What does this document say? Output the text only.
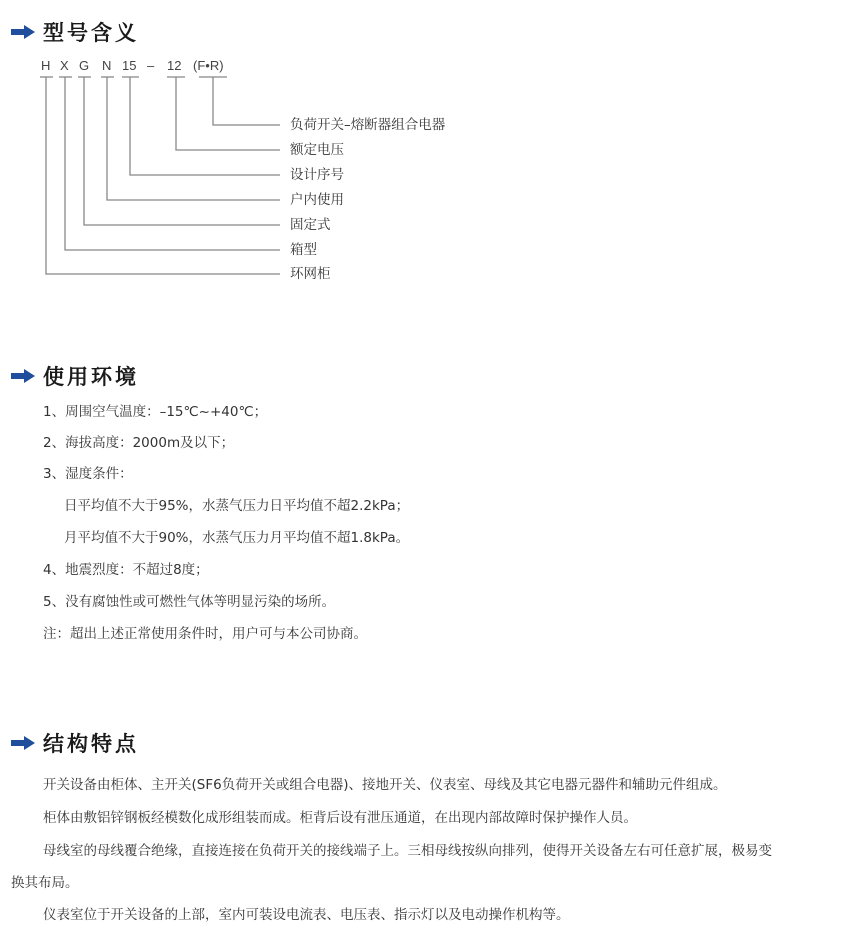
型号含义
H X G N 15 – 12 (F•R)
负荷开关–熔断器组合电器
额定电压
设计序号
户内使用
固定式
箱型
环网柜
使用环境
1、周围空气温度：–15℃~+40℃；
2、海拔高度：2000m及以下；
3、湿度条件：
日平均值不大于95%，水蒸气压力日平均值不超2.2kPa；
月平均值不大于90%，水蒸气压力月平均值不超1.8kPa。
4、地震烈度：不超过8度；
5、没有腐蚀性或可燃性气体等明显污染的场所。
注：超出上述正常使用条件时，用户可与本公司协商。
结构特点
开关设备由柜体、主开关(SF6负荷开关或组合电器)、接地开关、仪表室、母线及其它电器元器件和辅助元件组成。
柜体由敷铝锌钢板经模数化成形组装而成。柜背后设有泄压通道，在出现内部故障时保护操作人员。
母线室的母线覆合绝缘，直接连接在负荷开关的接线端子上。三相母线按纵向排列，使得开关设备左右可任意扩展，极易变
换其布局。
仪表室位于开关设备的上部，室内可装设电流表、电压表、指示灯以及电动操作机构等。
